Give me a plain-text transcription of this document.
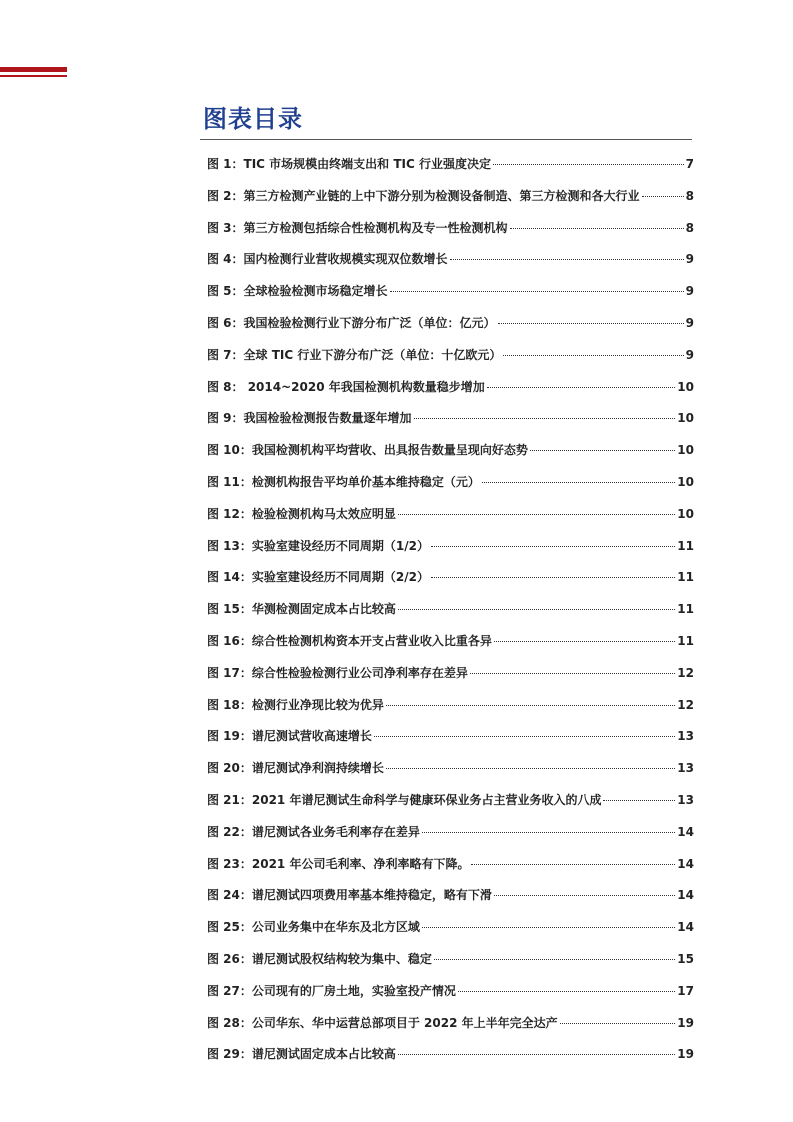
图表目录
图 1：TIC 市场规模由终端支出和 TIC 行业强度决定	7
图 2：第三方检测产业链的上中下游分别为检测设备制造、第三方检测和各大行业	8
图 3：第三方检测包括综合性检测机构及专一性检测机构	8
图 4：国内检测行业营收规模实现双位数增长	9
图 5：全球检验检测市场稳定增长	9
图 6：我国检验检测行业下游分布广泛（单位：亿元）	9
图 7：全球 TIC 行业下游分布广泛（单位：十亿欧元）	9
图 8： 2014~2020 年我国检测机构数量稳步增加	10
图 9：我国检验检测报告数量逐年增加	10
图 10：我国检测机构平均营收、出具报告数量呈现向好态势	10
图 11：检测机构报告平均单价基本维持稳定（元）	10
图 12：检验检测机构马太效应明显	10
图 13：实验室建设经历不同周期（1/2）	11
图 14：实验室建设经历不同周期（2/2）	11
图 15：华测检测固定成本占比较高	11
图 16：综合性检测机构资本开支占营业收入比重各异	11
图 17：综合性检验检测行业公司净利率存在差异	12
图 18：检测行业净现比较为优异	12
图 19：谱尼测试营收高速增长	13
图 20：谱尼测试净利润持续增长	13
图 21：2021 年谱尼测试生命科学与健康环保业务占主营业务收入的八成	13
图 22：谱尼测试各业务毛利率存在差异	14
图 23：2021 年公司毛利率、净利率略有下降。	14
图 24：谱尼测试四项费用率基本维持稳定，略有下滑	14
图 25：公司业务集中在华东及北方区域	14
图 26：谱尼测试股权结构较为集中、稳定	15
图 27：公司现有的厂房土地，实验室投产情况	17
图 28：公司华东、华中运营总部项目于 2022 年上半年完全达产	19
图 29：谱尼测试固定成本占比较高	19
